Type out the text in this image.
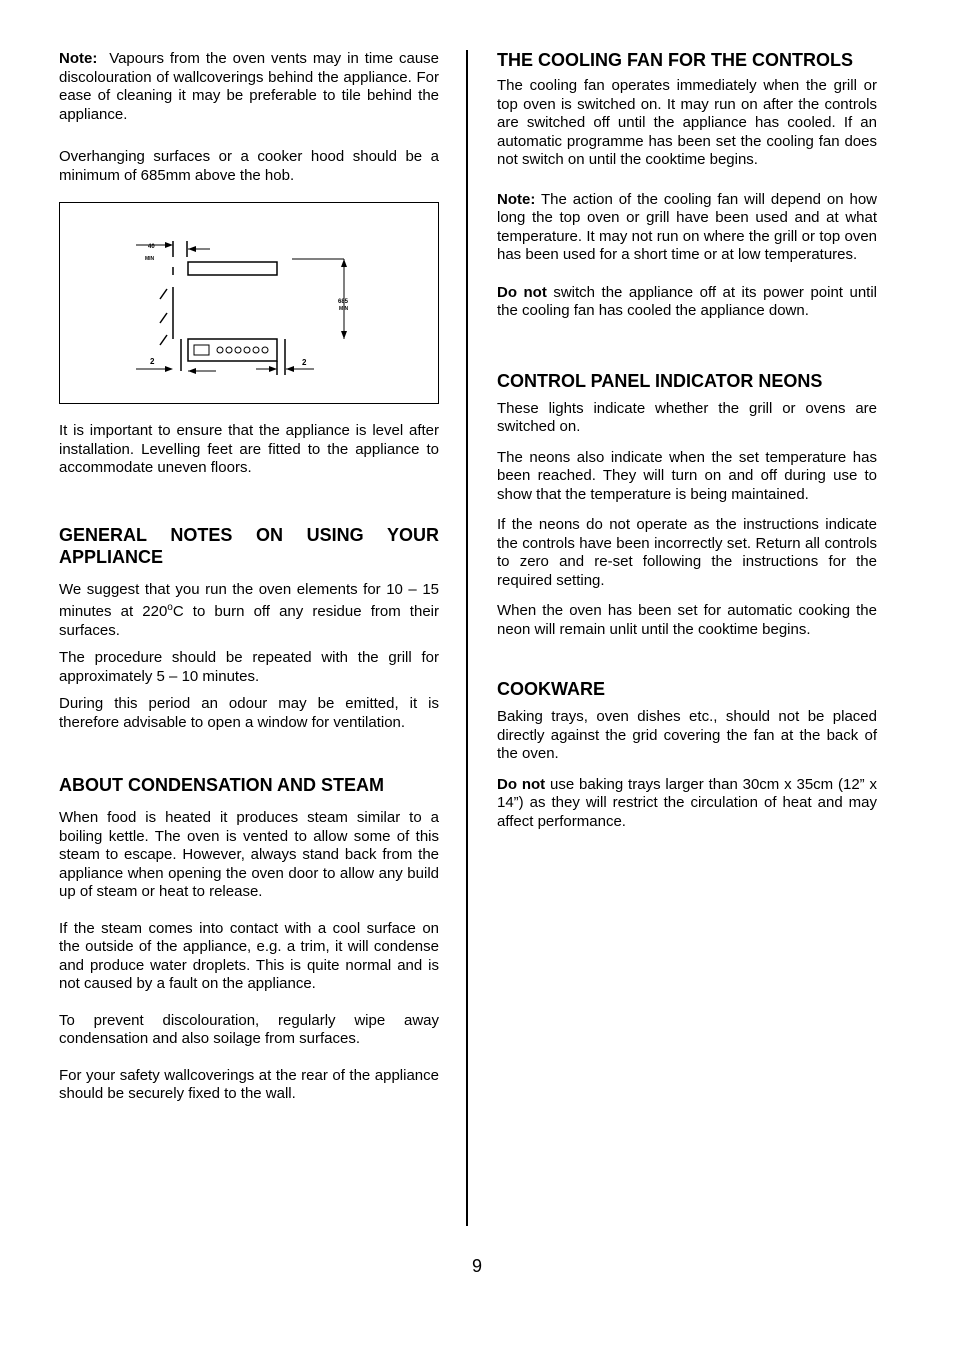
Note: Vapours from the oven vents may in time cause discolouration of wallcoverings behind the appliance. For ease of cleaning it may be preferable to tile behind the appliance.

Overhanging surfaces or a cooker hood should be a minimum of 685mm above the hob.

40
MIN
685
MIN
2	2

It is important to ensure that the appliance is level after installation. Levelling feet are fitted to the appliance to accommodate uneven floors.

GENERAL NOTES ON USING YOUR APPLIANCE

We suggest that you run the oven elements for 10 – 15 minutes at 220$^o$C to burn off any residue from their surfaces.

The procedure should be repeated with the grill for approximately 5 – 10 minutes.

During this period an odour may be emitted, it is therefore advisable to open a window for ventilation.

ABOUT CONDENSATION AND STEAM

When food is heated it produces steam similar to a boiling kettle. The oven is vented to allow some of this steam to escape. However, always stand back from the appliance when opening the oven door to allow any build up of steam or heat to release.

If the steam comes into contact with a cool surface on the outside of the appliance, e.g. a trim, it will condense and produce water droplets. This is quite normal and is not caused by a fault on the appliance.

To prevent discolouration, regularly wipe away condensation and also soilage from surfaces.

For your safety wallcoverings at the rear of the appliance should be securely fixed to the wall.

THE COOLING FAN FOR THE CONTROLS

The cooling fan operates immediately when the grill or top oven is switched on. It may run on after the controls are switched off until the appliance has cooled. If an automatic programme has been set the cooling fan does not switch on until the cooktime begins.

Note: The action of the cooling fan will depend on how long the top oven or grill have been used and at what temperature. It may not run on where the grill or top oven has been used for a short time or at low temperatures.

Do not switch the appliance off at its power point until the cooling fan has cooled the appliance down.

CONTROL PANEL INDICATOR NEONS

These lights indicate whether the grill or ovens are switched on.

The neons also indicate when the set temperature has been reached. They will turn on and off during use to show that the temperature is being maintained.

If the neons do not operate as the instructions indicate the controls have been incorrectly set. Return all controls to zero and re-set following the instructions for the required setting.

When the oven has been set for automatic cooking the neon will remain unlit until the cooktime begins.

COOKWARE

Baking trays, oven dishes etc., should not be placed directly against the grid covering the fan at the back of the oven.

Do not use baking trays larger than 30cm x 35cm (12” x 14”) as they will restrict the circulation of heat and may affect performance.

9
